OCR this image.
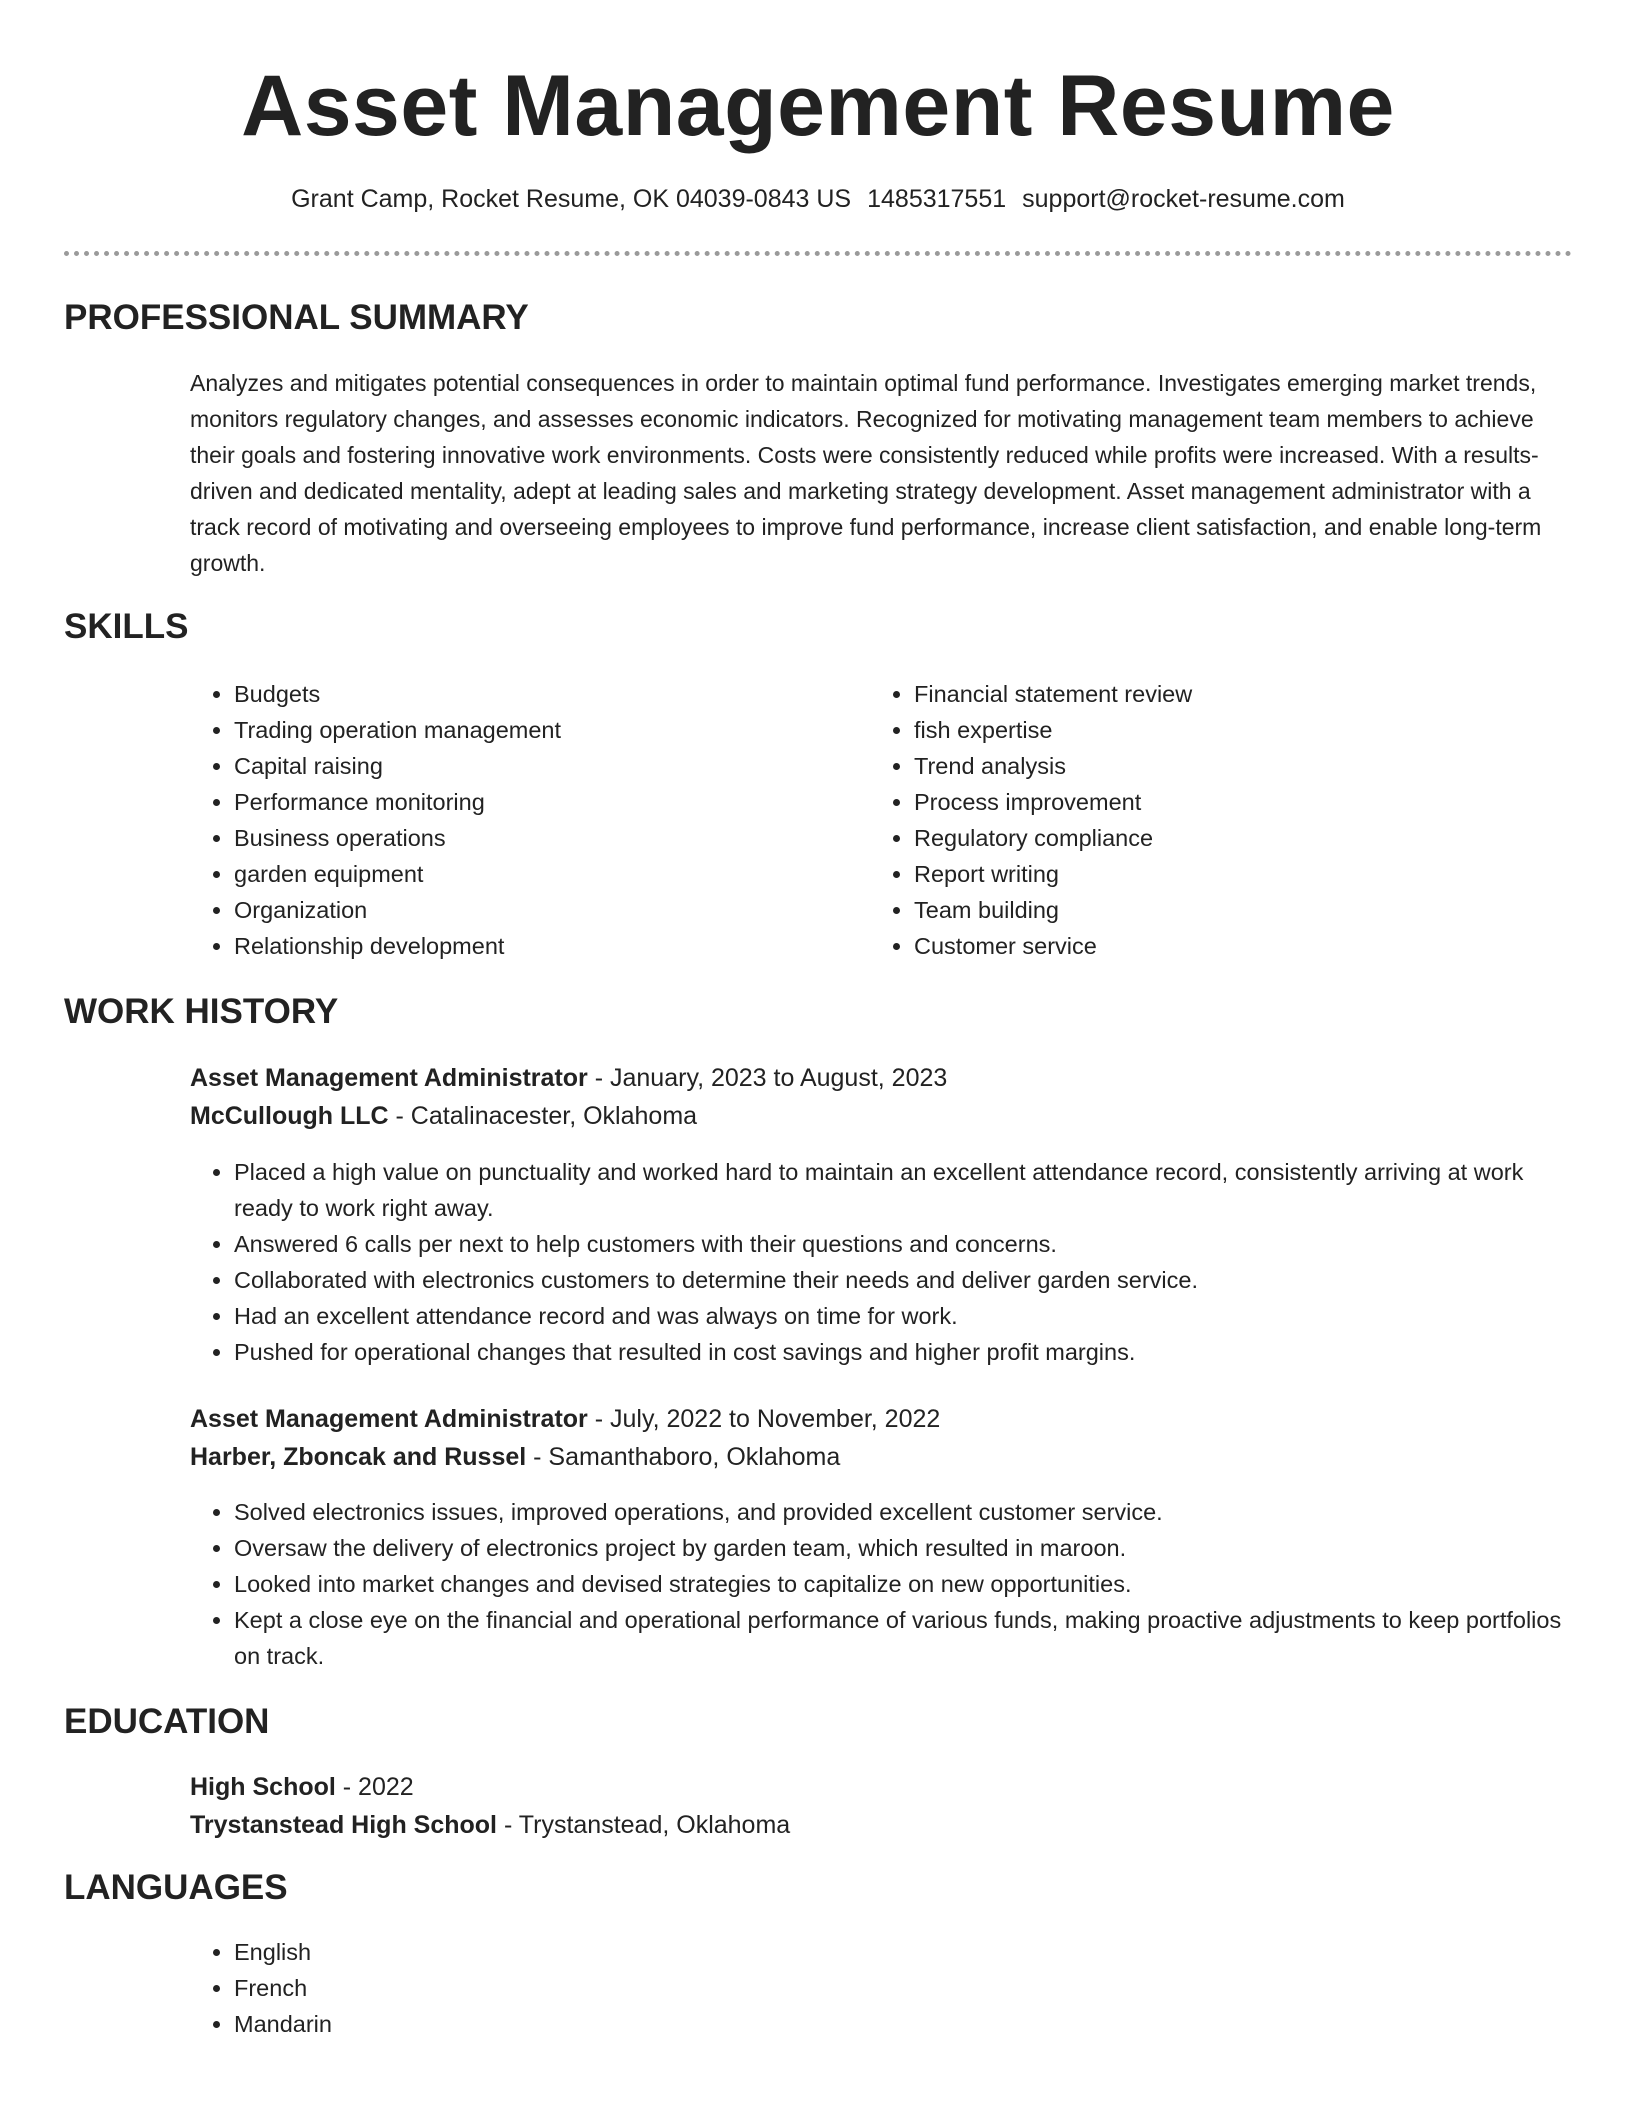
Asset Management Resume
Grant Camp, Rocket Resume, OK 04039-0843 US 1485317551 support@rocket-resume.com
PROFESSIONAL SUMMARY

Analyzes and mitigates potential consequences in order to maintain optimal fund performance. Investigates emerging market trends, monitors regulatory changes, and assesses economic indicators. Recognized for motivating management team members to achieve their goals and fostering innovative work environments. Costs were consistently reduced while profits were increased. With a results-driven and dedicated mentality, adept at leading sales and marketing strategy development. Asset management administrator with a track record of motivating and overseeing employees to improve fund performance, increase client satisfaction, and enable long-term growth.

SKILLS
• Budgets
• Trading operation management
• Capital raising
• Performance monitoring
• Business operations
• garden equipment
• Organization
• Relationship development
• Financial statement review
• fish expertise
• Trend analysis
• Process improvement
• Regulatory compliance
• Report writing
• Team building
• Customer service
WORK HISTORY
Asset Management Administrator - January, 2023 to August, 2023
McCullough LLC - Catalinacester, Oklahoma
• Placed a high value on punctuality and worked hard to maintain an excellent attendance record, consistently arriving at work ready to work right away.
• Answered 6 calls per next to help customers with their questions and concerns.
• Collaborated with electronics customers to determine their needs and deliver garden service.
• Had an excellent attendance record and was always on time for work.
• Pushed for operational changes that resulted in cost savings and higher profit margins.
Asset Management Administrator - July, 2022 to November, 2022
Harber, Zboncak and Russel - Samanthaboro, Oklahoma
• Solved electronics issues, improved operations, and provided excellent customer service.
• Oversaw the delivery of electronics project by garden team, which resulted in maroon.
• Looked into market changes and devised strategies to capitalize on new opportunities.
• Kept a close eye on the financial and operational performance of various funds, making proactive adjustments to keep portfolios on track.
EDUCATION
High School - 2022
Trystanstead High School - Trystanstead, Oklahoma
LANGUAGES
• English
• French
• Mandarin
